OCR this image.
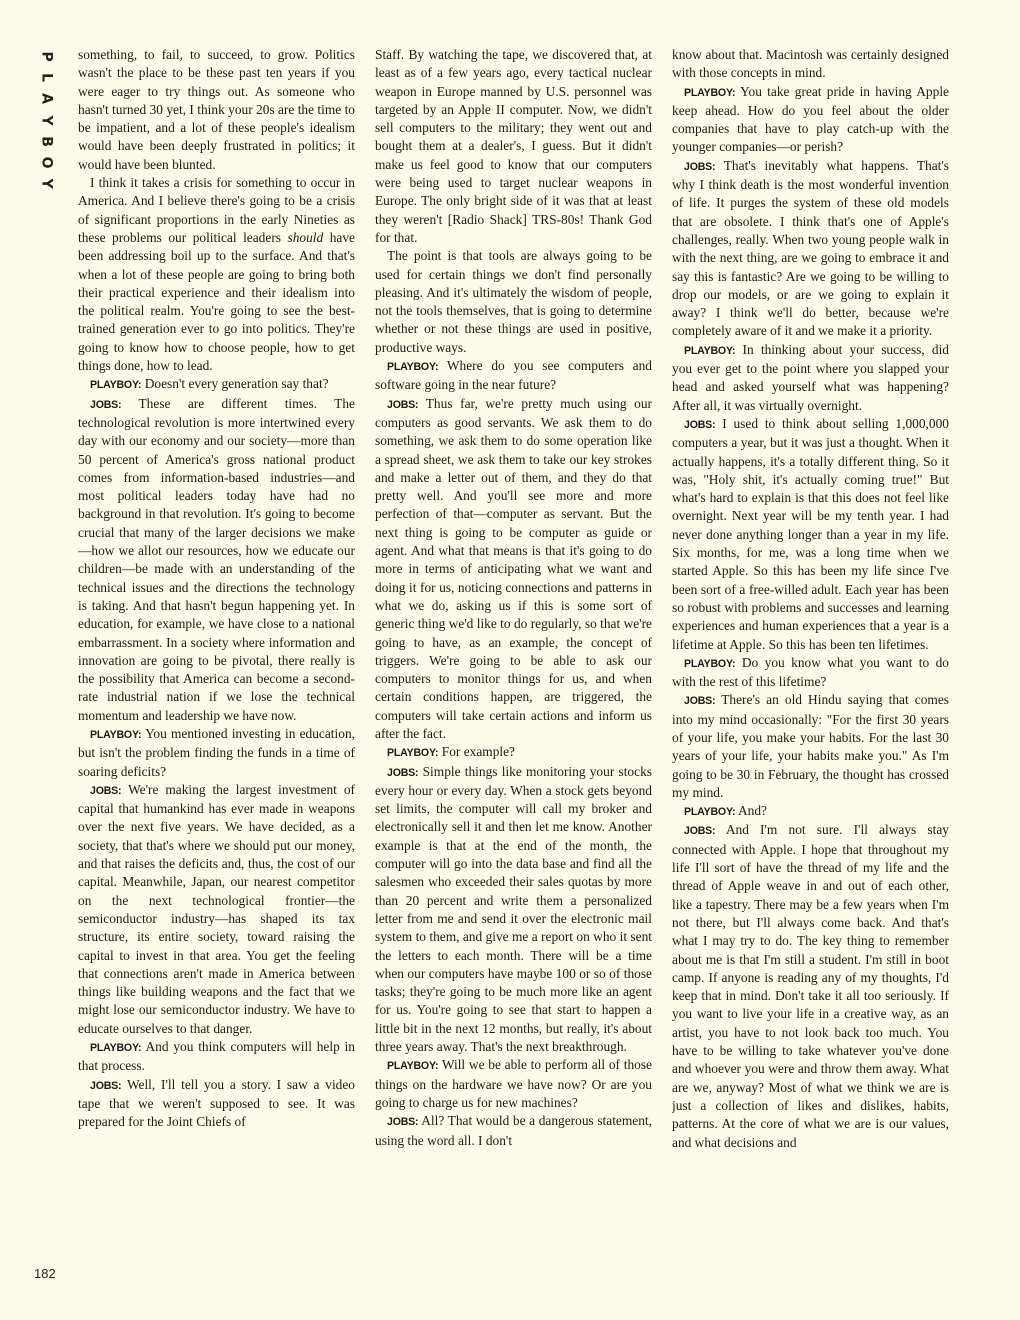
P
L
A
Y
B
O
Y

something, to fail, to succeed, to grow. Politics wasn't the place to be these past ten years if you were eager to try things out. As someone who hasn't turned 30 yet, I think your 20s are the time to be impatient, and a lot of these people's idealism would have been deeply frustrated in politics; it would have been blunted.

I think it takes a crisis for something to occur in America. And I believe there's going to be a crisis of significant proportions in the early Nineties as these problems our political leaders should have been addressing boil up to the surface. And that's when a lot of these people are going to bring both their practical experience and their idealism into the political realm. You're going to see the best-trained generation ever to go into politics. They're going to know how to choose people, how to get things done, how to lead.

PLAYBOY: Doesn't every generation say that?

JOBS: These are different times. The technological revolution is more intertwined every day with our economy and our society—more than 50 percent of America's gross national product comes from information-based industries—and most political leaders today have had no background in that revolution. It's going to become crucial that many of the larger decisions we make—how we allot our resources, how we educate our children—be made with an understanding of the technical issues and the directions the technology is taking. And that hasn't begun happening yet. In education, for example, we have close to a national embarrassment. In a society where information and innovation are going to be pivotal, there really is the possibility that America can become a second-rate industrial nation if we lose the technical momentum and leadership we have now.

PLAYBOY: You mentioned investing in education, but isn't the problem finding the funds in a time of soaring deficits?

JOBS: We're making the largest investment of capital that humankind has ever made in weapons over the next five years. We have decided, as a society, that that's where we should put our money, and that raises the deficits and, thus, the cost of our capital. Meanwhile, Japan, our nearest competitor on the next technological frontier—the semiconductor industry—has shaped its tax structure, its entire society, toward raising the capital to invest in that area. You get the feeling that connections aren't made in America between things like building weapons and the fact that we might lose our semiconductor industry. We have to educate ourselves to that danger.

PLAYBOY: And you think computers will help in that process.

JOBS: Well, I'll tell you a story. I saw a video tape that we weren't supposed to see. It was prepared for the Joint Chiefs of

Staff. By watching the tape, we discovered that, at least as of a few years ago, every tactical nuclear weapon in Europe manned by U.S. personnel was targeted by an Apple II computer. Now, we didn't sell computers to the military; they went out and bought them at a dealer's, I guess. But it didn't make us feel good to know that our computers were being used to target nuclear weapons in Europe. The only bright side of it was that at least they weren't [Radio Shack] TRS-80s! Thank God for that.

The point is that tools are always going to be used for certain things we don't find personally pleasing. And it's ultimately the wisdom of people, not the tools themselves, that is going to determine whether or not these things are used in positive, productive ways.

PLAYBOY: Where do you see computers and software going in the near future?

JOBS: Thus far, we're pretty much using our computers as good servants. We ask them to do something, we ask them to do some operation like a spread sheet, we ask them to take our key strokes and make a letter out of them, and they do that pretty well. And you'll see more and more perfection of that—computer as servant. But the next thing is going to be computer as guide or agent. And what that means is that it's going to do more in terms of anticipating what we want and doing it for us, noticing connections and patterns in what we do, asking us if this is some sort of generic thing we'd like to do regularly, so that we're going to have, as an example, the concept of triggers. We're going to be able to ask our computers to monitor things for us, and when certain conditions happen, are triggered, the computers will take certain actions and inform us after the fact.

PLAYBOY: For example?

JOBS: Simple things like monitoring your stocks every hour or every day. When a stock gets beyond set limits, the computer will call my broker and electronically sell it and then let me know. Another example is that at the end of the month, the computer will go into the data base and find all the salesmen who exceeded their sales quotas by more than 20 percent and write them a personalized letter from me and send it over the electronic mail system to them, and give me a report on who it sent the letters to each month. There will be a time when our computers have maybe 100 or so of those tasks; they're going to be much more like an agent for us. You're going to see that start to happen a little bit in the next 12 months, but really, it's about three years away. That's the next breakthrough.

PLAYBOY: Will we be able to perform all of those things on the hardware we have now? Or are you going to charge us for new machines?

JOBS: All? That would be a dangerous statement, using the word all. I don't

know about that. Macintosh was certainly designed with those concepts in mind.

PLAYBOY: You take great pride in having Apple keep ahead. How do you feel about the older companies that have to play catch-up with the younger companies—or perish?

JOBS: That's inevitably what happens. That's why I think death is the most wonderful invention of life. It purges the system of these old models that are obsolete. I think that's one of Apple's challenges, really. When two young people walk in with the next thing, are we going to embrace it and say this is fantastic? Are we going to be willing to drop our models, or are we going to explain it away? I think we'll do better, because we're completely aware of it and we make it a priority.

PLAYBOY: In thinking about your success, did you ever get to the point where you slapped your head and asked yourself what was happening? After all, it was virtually overnight.

JOBS: I used to think about selling 1,000,000 computers a year, but it was just a thought. When it actually happens, it's a totally different thing. So it was, "Holy shit, it's actually coming true!" But what's hard to explain is that this does not feel like overnight. Next year will be my tenth year. I had never done anything longer than a year in my life. Six months, for me, was a long time when we started Apple. So this has been my life since I've been sort of a free-willed adult. Each year has been so robust with problems and successes and learning experiences and human experiences that a year is a lifetime at Apple. So this has been ten lifetimes.

PLAYBOY: Do you know what you want to do with the rest of this lifetime?

JOBS: There's an old Hindu saying that comes into my mind occasionally: "For the first 30 years of your life, you make your habits. For the last 30 years of your life, your habits make you." As I'm going to be 30 in February, the thought has crossed my mind.

PLAYBOY: And?

JOBS: And I'm not sure. I'll always stay connected with Apple. I hope that throughout my life I'll sort of have the thread of my life and the thread of Apple weave in and out of each other, like a tapestry. There may be a few years when I'm not there, but I'll always come back. And that's what I may try to do. The key thing to remember about me is that I'm still a student. I'm still in boot camp. If anyone is reading any of my thoughts, I'd keep that in mind. Don't take it all too seriously. If you want to live your life in a creative way, as an artist, you have to not look back too much. You have to be willing to take whatever you've done and whoever you were and throw them away. What are we, anyway? Most of what we think we are is just a collection of likes and dislikes, habits, patterns. At the core of what we are is our values, and what decisions and

182
